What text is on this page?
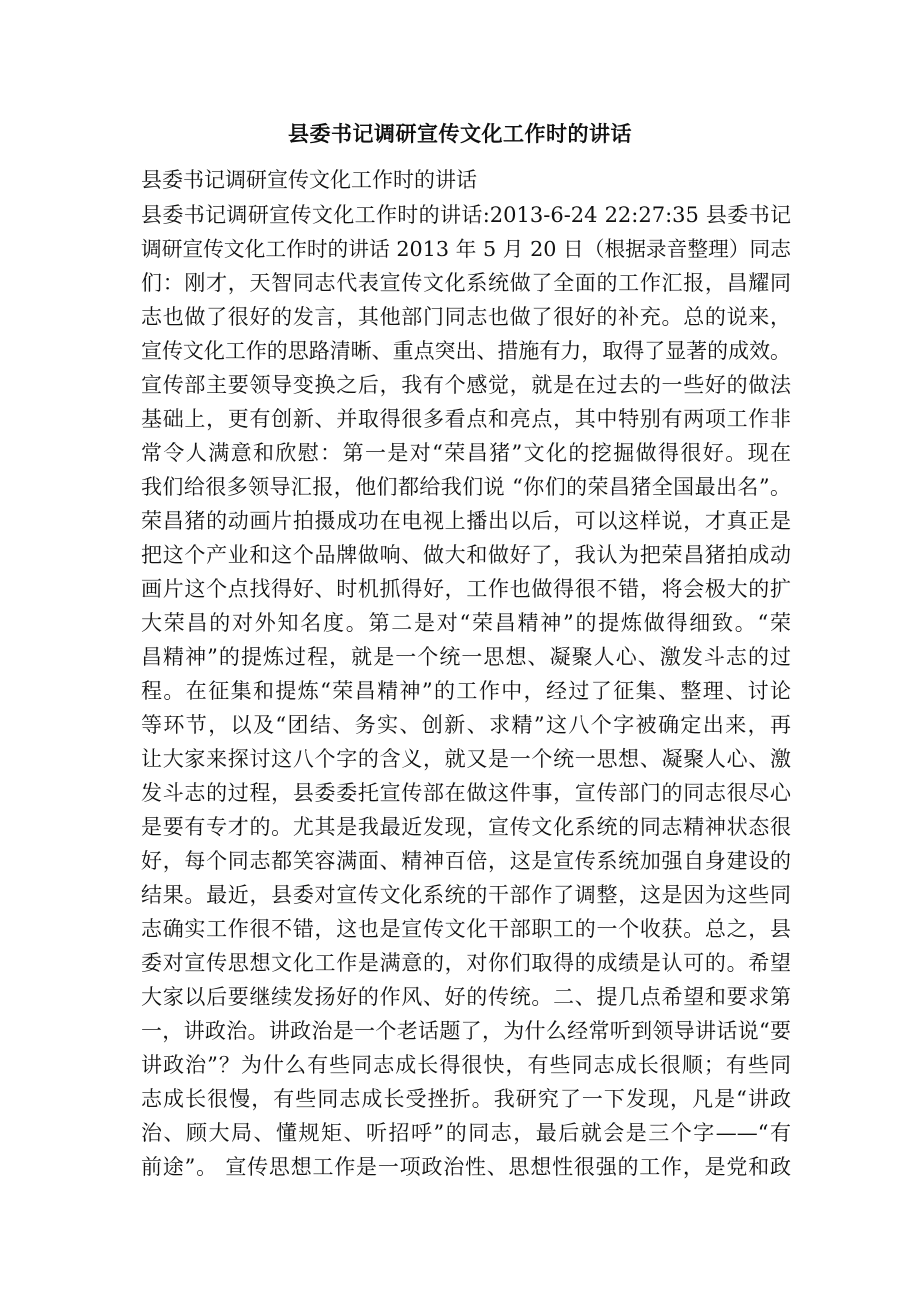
县委书记调研宣传文化工作时的讲话
县委书记调研宣传文化工作时的讲话
县委书记调研宣传文化工作时的讲话:2013-6-24 22:27:35 县委书记
调研宣传文化工作时的讲话 2013 年 5 月 20 日（根据录音整理）同志
们：刚才，天智同志代表宣传文化系统做了全面的工作汇报，昌耀同
志也做了很好的发言，其他部门同志也做了很好的补充。总的说来，
宣传文化工作的思路清晰、重点突出、措施有力，取得了显著的成效。
宣传部主要领导变换之后，我有个感觉，就是在过去的一些好的做法
基础上，更有创新、并取得很多看点和亮点，其中特别有两项工作非
常令人满意和欣慰：第一是对“荣昌猪”文化的挖掘做得很好。现在
我们给很多领导汇报，他们都给我们说 “你们的荣昌猪全国最出名”。
荣昌猪的动画片拍摄成功在电视上播出以后，可以这样说，才真正是
把这个产业和这个品牌做响、做大和做好了，我认为把荣昌猪拍成动
画片这个点找得好、时机抓得好，工作也做得很不错，将会极大的扩
大荣昌的对外知名度。第二是对“荣昌精神”的提炼做得细致。“荣
昌精神”的提炼过程，就是一个统一思想、凝聚人心、激发斗志的过
程。在征集和提炼“荣昌精神”的工作中，经过了征集、整理、讨论
等环节，以及“团结、务实、创新、求精”这八个字被确定出来，再
让大家来探讨这八个字的含义，就又是一个统一思想、凝聚人心、激
发斗志的过程，县委委托宣传部在做这件事，宣传部门的同志很尽心
是要有专才的。尤其是我最近发现，宣传文化系统的同志精神状态很
好，每个同志都笑容满面、精神百倍，这是宣传系统加强自身建设的
结果。最近，县委对宣传文化系统的干部作了调整，这是因为这些同
志确实工作很不错，这也是宣传文化干部职工的一个收获。总之，县
委对宣传思想文化工作是满意的，对你们取得的成绩是认可的。希望
大家以后要继续发扬好的作风、好的传统。二、提几点希望和要求第
一，讲政治。讲政治是一个老话题了，为什么经常听到领导讲话说“要
讲政治”？为什么有些同志成长得很快，有些同志成长很顺；有些同
志成长很慢，有些同志成长受挫折。我研究了一下发现，凡是“讲政
治、顾大局、懂规矩、听招呼”的同志，最后就会是三个字——“有
前途”。 宣传思想工作是一项政治性、思想性很强的工作，是党和政
